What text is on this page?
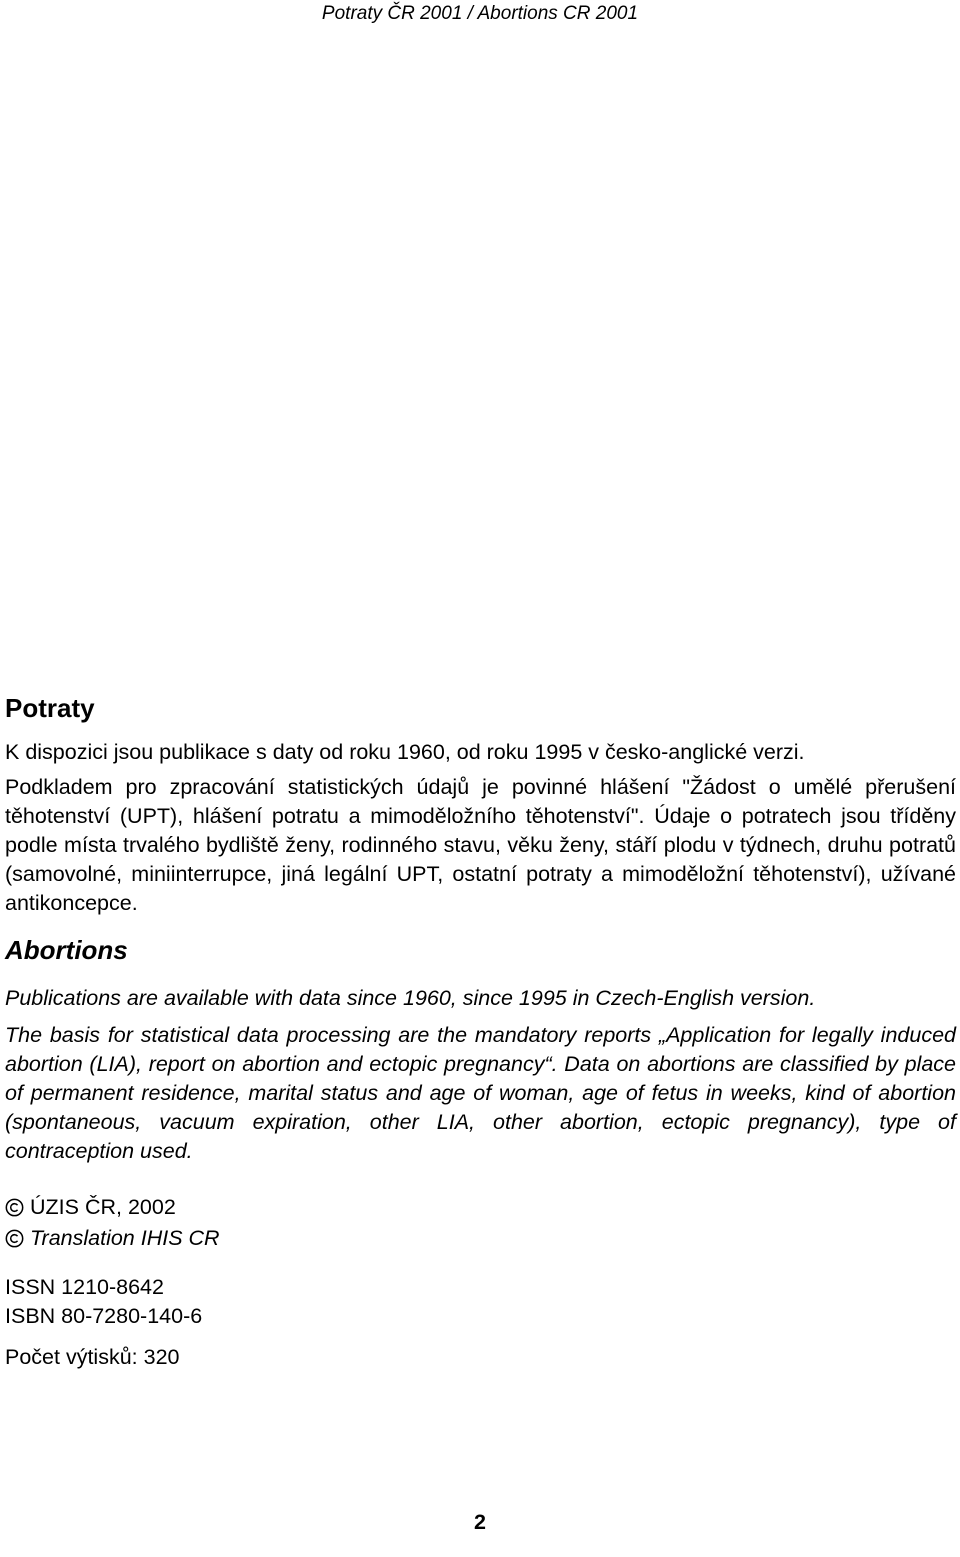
Potraty ČR 2001 / Abortions CR 2001
Potraty

K dispozici jsou publikace s daty od roku 1960, od roku 1995 v česko-anglické verzi.

Podkladem pro zpracování statistických údajů je povinné hlášení "Žádost o umělé přerušení těhotenství (UPT), hlášení potratu a mimoděložního těhotenství". Údaje o potratech jsou tříděny podle místa trvalého bydliště ženy, rodinného stavu, věku ženy, stáří plodu v týdnech, druhu potratů (samovolné, miniinterrupce, jiná legální UPT, ostatní potraty a mimoděložní těhotenství), užívané antikoncepce.

Abortions

Publications are available with data since 1960, since 1995 in Czech-English version.

The basis for statistical data processing are the mandatory reports „Application for legally induced abortion (LIA), report on abortion and ectopic pregnancy“. Data on abortions are classified by place of permanent residence, marital status and age of woman, age of fetus in weeks, kind of abortion (spontaneous, vacuum expiration, other LIA, other abortion, ectopic pregnancy), type of contraception used.

ÚZIS ČR, 2002
Translation IHIS CR

ISSN 1210-8642

ISBN 80-7280-140-6

Počet výtisků: 320

2
